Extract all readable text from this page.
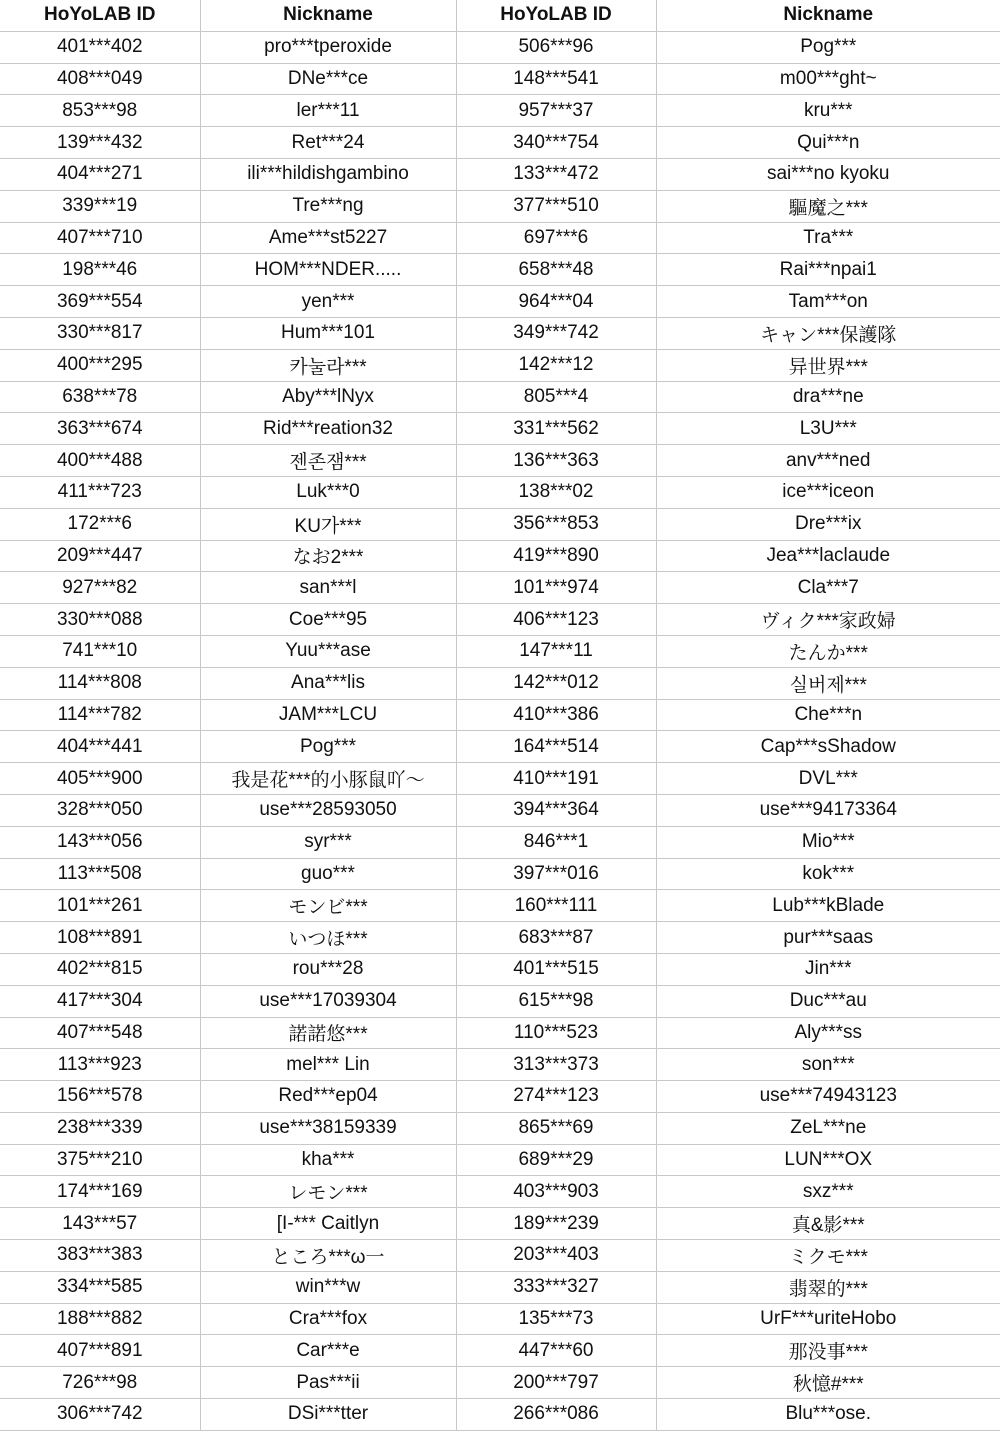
HoYoLAB ID	Nickname	HoYoLAB ID	Nickname
401***402	pro***tperoxide	506***96	Pog***
408***049	DNe***ce	148***541	m00***ght~
853***98	ler***11	957***37	kru***
139***432	Ret***24	340***754	Qui***n
404***271	ili***hildishgambino	133***472	sai***no kyoku
339***19	Tre***ng	377***510	驅魔之***
407***710	Ame***st5227	697***6	Tra***
198***46	HOM***NDER.....	658***48	Rai***npai1
369***554	yen***	964***04	Tam***on
330***817	Hum***101	349***742	キャン***保護隊
400***295	카눌라***	142***12	异世界***
638***78	Aby***lNyx	805***4	dra***ne
363***674	Rid***reation32	331***562	L3U***
400***488	젠존잼***	136***363	anv***ned
411***723	Luk***0	138***02	ice***iceon
172***6	KU가***	356***853	Dre***ix
209***447	なお2***	419***890	Jea***laclaude
927***82	san***l	101***974	Cla***7
330***088	Coe***95	406***123	ヴィク***家政婦
741***10	Yuu***ase	147***11	たんか***
114***808	Ana***lis	142***012	실버제***
114***782	JAM***LCU	410***386	Che***n
404***441	Pog***	164***514	Cap***sShadow
405***900	我是花***的小豚鼠吖～	410***191	DVL***
328***050	use***28593050	394***364	use***94173364
143***056	syr***	846***1	Mio***
113***508	guo***	397***016	kok***
101***261	モンビ***	160***111	Lub***kBlade
108***891	いつほ***	683***87	pur***saas
402***815	rou***28	401***515	Jin***
417***304	use***17039304	615***98	Duc***au
407***548	諾諾悠***	110***523	Aly***ss
113***923	mel*** Lin	313***373	son***
156***578	Red***ep04	274***123	use***74943123
238***339	use***38159339	865***69	ZeL***ne
375***210	kha***	689***29	LUN***OX
174***169	レモン***	403***903	sxz***
143***57	[I-*** Caitlyn	189***239	真&影***
383***383	ところ***ω一	203***403	ミクモ***
334***585	win***w	333***327	翡翠的***
188***882	Cra***fox	135***73	UrF***uriteHobo
407***891	Car***e	447***60	那没事***
726***98	Pas***ii	200***797	秋憶#***
306***742	DSi***tter	266***086	Blu***ose.
